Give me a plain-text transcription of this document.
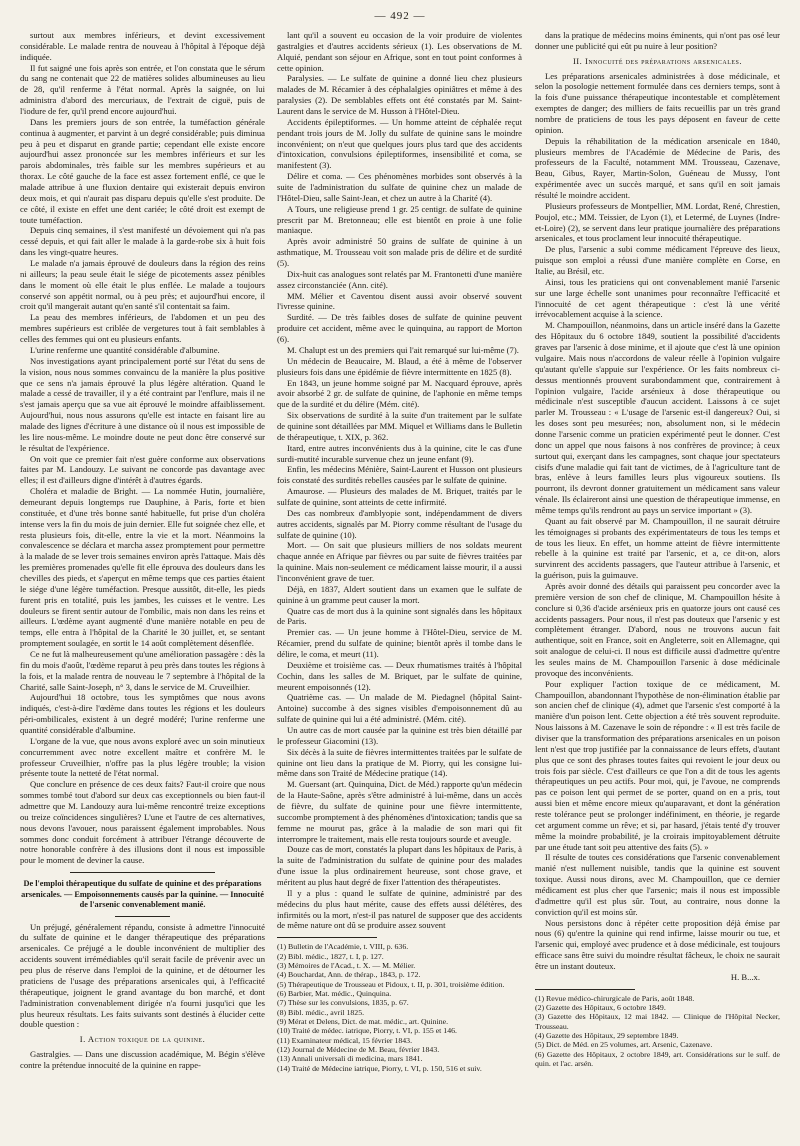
— 492 —

surtout aux membres inférieurs, et devint excessivement considérable. Le malade rentra de nouveau à l'hôpital à l'époque déjà indiquée.

Il fut saigné une fois après son entrée, et l'on constata que le sérum du sang ne contenait que 22 de matières solides albumineuses au lieu de 28, qu'il renferme à l'état normal. Après la saignée, on lui administra d'abord des mercuriaux, de l'extrait de ciguë, puis de l'iodure de fer, qu'il prend encore aujourd'hui.

Dans les premiers jours de son entrée, la tuméfaction générale continua à augmenter, et parvint à un degré considérable; puis diminua peu à peu et disparut en grande partie; cependant elle existe encore aujourd'hui assez prononcée sur les membres inférieurs et sur les parois abdominales, très faible sur les membres supérieurs et au thorax. Le côté gauche de la face est assez fortement enflé, ce que le malade attribue à une fluxion dentaire qui existerait depuis environ deux mois, et qui n'aurait pas disparu depuis qu'elle s'est produite. De ce côté, il existe en effet une dent cariée; le côté droit est exempt de toute tuméfaction.

Depuis cinq semaines, il s'est manifesté un dévoiement qui n'a pas cessé depuis, et qui fait aller le malade à la garde-robe six à huit fois dans les vingt-quatre heures.

Le malade n'a jamais éprouvé de douleurs dans la région des reins ni ailleurs; la peau seule était le siége de picotements assez pénibles dans le moment où elle était le plus enflée. Le malade a toujours conservé son appétit normal, ou à peu près; et aujourd'hui encore, il croit qu'il mangerait autant qu'en santé s'il contentait sa faim.

La peau des membres inférieurs, de l'abdomen et un peu des membres supérieurs est criblée de vergetures tout à fait semblables à celles des femmes qui ont eu plusieurs enfants.

L'urine renferme une quantité considérable d'albumine.

Nos investigations ayant principalement porté sur l'état du sens de la vision, nous nous sommes convaincu de la manière la plus positive que ce sens n'a jamais éprouvé la plus légère altération. Quand le malade a cessé de travailler, il y a été contraint par l'enflure, mais il ne s'est jamais aperçu que sa vue ait éprouvé le moindre affaiblissement. Aujourd'hui, nous nous assurons qu'elle est intacte en faisant lire au malade des lignes d'écriture à une distance où il nous est impossible de les lire nous-même. Le moindre doute ne peut donc être conservé sur le résultat de l'expérience.

On voit que ce premier fait n'est guère conforme aux observations faites par M. Landouzy. Le suivant ne concorde pas davantage avec elles; il est d'ailleurs digne d'intérêt à d'autres égards.

Choléra et maladie de Bright. — La nommée Hutin, journalière, demeurant depuis longtemps rue Dauphine, à Paris, forte et bien constituée, et d'une très bonne santé habituelle, fut prise d'un choléra intense vers la fin du mois de juin dernier. Elle fut soignée chez elle, et resta plusieurs fois, dit-elle, entre la vie et la mort. Néanmoins la convalescence se déclara et marcha assez promptement pour permettre à la malade de se lever trois semaines environ après l'attaque. Mais dès les premières promenades qu'elle fit elle éprouva des douleurs dans les chevilles des pieds, et s'aperçut en même temps que ces parties étaient le siége d'une légère tuméfaction. Presque aussitôt, dit-elle, les pieds furent pris en totalité, puis les jambes, les cuisses et le ventre. Les douleurs se firent sentir autour de l'ombilic, mais non dans les reins et ailleurs. L'œdème ayant augmenté d'une manière notable en peu de temps, elle entra à l'hôpital de la Charité le 30 juillet, et, se sentant promptement soulagée, en sortit le 14 août complètement désenflée.

Ce ne fut là malheureusement qu'une amélioration passagère : dès la fin du mois d'août, l'œdème reparut à peu près dans toutes les régions à la fois, et la malade rentra de nouveau le 7 septembre à l'hôpital de la Charité, salle Saint-Joseph, n° 3, dans le service de M. Cruveilhier.

Aujourd'hui 18 octobre, tous les symptômes que nous avons indiqués, c'est-à-dire l'œdème dans toutes les régions et les douleurs péri-ombilicales, existent à un degré modéré; l'urine renferme une quantité considérable d'albumine.

L'organe de la vue, que nous avons exploré avec un soin minutieux concurremment avec notre excellent maître et confrère M. le professeur Cruveilhier, n'offre pas la plus légère trouble; la vision présente toute la netteté de l'état normal.

Que conclure en présence de ces deux faits? Faut-il croire que nous sommes tombé tout d'abord sur deux cas exceptionnels ou bien faut-il admettre que M. Landouzy aura lui-même rencontré treize exceptions ou treize coïncidences singulières? L'une et l'autre de ces alternatives, nous devons l'avouer, nous paraissent également improbables. Nous sommes donc conduit forcément à attribuer l'étrange découverte de notre honorable confrère à des illusions dont il nous est impossible pour le moment de deviner la cause.

De l'emploi thérapeutique du sulfate de quinine et des préparations arsenicales. — Empoisonnements causés par la quinine. — Innocuité de l'arsenic convenablement manié.

Un préjugé, généralement répandu, consiste à admettre l'innocuité du sulfate de quinine et le danger thérapeutique des préparations arsenicales. Ce préjugé a le double inconvénient de multiplier des accidents souvent irrémédiables qu'il serait facile de prévenir avec un peu plus de réserve dans l'emploi de la quinine, et de détourner les praticiens de l'usage des préparations arsenicales qui, à l'efficacité thérapeutique, joignent le grand avantage du bon marché, et dont l'administration convenablement dirigée n'a fourni jusqu'ici que les plus heureux résultats. Les faits suivants sont destinés à élucider cette double question :

I. Action toxique de la quinine.

Gastralgies. — Dans une discussion académique, M. Bégin s'élève contre la prétendue innocuité de la quinine en rappe-

lant qu'il a souvent eu occasion de la voir produire de violentes gastralgies et d'autres accidents sérieux (1). Les observations de M. Alquié, pendant son séjour en Afrique, sont en tout point conformes à cette opinion.

Paralysies. — Le sulfate de quinine a donné lieu chez plusieurs malades de M. Récamier à des céphalalgies opiniâtres et même à des paralysies (2). De semblables effets ont été constatés par M. Saint-Laurent dans le service de M. Husson à l'Hôtel-Dieu.

Accidents épileptiformes. — Un homme atteint de céphalée reçut pendant trois jours de M. Jolly du sulfate de quinine sans le moindre inconvénient; on n'eut que quelques jours plus tard que des accidents d'intoxication, convulsions épileptiformes, insensibilité et coma, se manifestent (3).

Délire et coma. — Ces phénomènes morbides sont observés à la suite de l'administration du sulfate de quinine chez un malade de l'Hôtel-Dieu, salle Saint-Jean, et chez un autre à la Charité (4).

A Tours, une religieuse prend 1 gr. 25 centigr. de sulfate de quinine prescrit par M. Bretonneau; elle est bientôt en proie à une folie maniaque.

Après avoir administré 50 grains de sulfate de quinine à un asthmatique, M. Trousseau voit son malade pris de délire et de surdité (5).

Dix-huit cas analogues sont relatés par M. Frantonetti d'une manière assez circonstanciée (Ann. cité).

MM. Mélier et Caventou disent aussi avoir observé souvent l'ivresse quinine.

Surdité. — De très faibles doses de sulfate de quinine peuvent produire cet accident, même avec le quinquina, au rapport de Morton (6).

M. Chalupt est un des premiers qui l'ait remarqué sur lui-même (7).

Un médecin de Beaucaire, M. Blaud, a été à même de l'observer plusieurs fois dans une épidémie de fièvre intermittente en 1825 (8).

En 1843, un jeune homme soigné par M. Nacquard éprouve, après avoir absorbé 2 gr. de sulfate de quinine, de l'aphonie en même temps que de la surdité et du délire (Mém. cité).

Six observations de surdité à la suite d'un traitement par le sulfate de quinine sont détaillées par MM. Miquel et Williams dans le Bulletin de thérapeutique, t. XIX, p. 362.

Itard, entre autres inconvénients dus à la quinine, cite le cas d'une surdi-mutité incurable survenue chez un jeune enfant (9).

Enfin, les médecins Ménière, Saint-Laurent et Husson ont plusieurs fois constaté des surdités rebelles causées par le sulfate de quinine.

Amaurose. — Plusieurs des malades de M. Briquet, traités par le sulfate de quinine, sont atteints de cette infirmité.

Des cas nombreux d'amblyopie sont, indépendamment de divers autres accidents, signalés par M. Piorry comme résultant de l'usage du sulfate de quinine (10).

Mort. — On sait que plusieurs milliers de nos soldats meurent chaque année en Afrique par fièvres ou par suite de fièvres traitées par la quinine. Mais non-seulement ce médicament laisse mourir, il a aussi l'inconvénient grave de tuer.

Déjà, en 1837, Aldert soutient dans un examen que le sulfate de quinine à un gramme peut causer la mort.

Quatre cas de mort dus à la quinine sont signalés dans les hôpitaux de Paris.

Premier cas. — Un jeune homme à l'Hôtel-Dieu, service de M. Récamier, prend du sulfate de quinine; bientôt après il tombe dans le délire, le coma, et meurt (11).

Deuxième et troisième cas. — Deux rhumatismes traités à l'hôpital Cochin, dans les salles de M. Briquet, par le sulfate de quinine, meurent empoisonnés (12).

Quatrième cas. — Un malade de M. Piedagnel (hôpital Saint-Antoine) succombe à des signes visibles d'empoisonnement dû au sulfate de quinine qui lui a été administré. (Mém. cité).

Un autre cas de mort causée par la quinine est très bien détaillé par le professeur Giacomini (13).

Six décès à la suite de fièvres intermittentes traitées par le sulfate de quinine ont lieu dans la pratique de M. Piorry, qui les consigne lui-même dans son Traité de Médecine pratique (14).

M. Guersant (art. Quinquina, Dict. de Méd.) rapporte qu'un médecin de la Haute-Saône, après s'être administré à lui-même, dans un accès de fièvre, du sulfate de quinine pour une fièvre intermittente, succombe promptement à des phénomènes d'intoxication; tandis que sa femme ne mourut pas, grâce à la maladie de son mari qui fit interrompre le traitement, mais elle resta toujours sourde et aveugle.

Douze cas de mort, constatés la plupart dans les hôpitaux de Paris, à la suite de l'administration du sulfate de quinine pour des malades d'une issue la plus ordinairement heureuse, sont chose grave, et méritent au plus haut degré de fixer l'attention des thérapeutistes.

Il y a plus : quand le sulfate de quinine, administré par des médecins du plus haut mérite, cause des effets aussi délétères, des infirmités ou la mort, n'est-il pas naturel de supposer que des accidents de même nature ont dû se produire assez souvent

(1) Bulletin de l'Académie, t. VIII, p. 636.

(2) Bibl. médic., 1827, t. I, p. 127.

(3) Mémoires de l'Acad., t. X. — M. Mélier.

(4) Bouchardat, Ann. de thérap., 1843, p. 172.

(5) Thérapeutique de Trousseau et Pidoux, t. II, p. 301, troisième édition.

(6) Barbier, Mat. médic., Quinquina.

(7) Thèse sur les convulsions, 1835, p. 67.

(8) Bibl. médic., avril 1825.

(9) Mérat et Delens, Dict. de mat. médic., art. Quinine.

(10) Traité de médec. iatrique, Piorry, t. VI, p. 155 et 146.

(11) Examinateur médical, 15 février 1843.

(12) Journal de Médecine de M. Beau, février 1843.

(13) Annali universali di medicina, mars 1841.

(14) Traité de Médecine iatrique, Piorry, t. VI, p. 150, 516 et suiv.

dans la pratique de médecins moins éminents, qui n'ont pas osé leur donner une publicité qui eût pu nuire à leur position?

II. Innocuité des préparations arsenicales.

Les préparations arsenicales administrées à dose médicinale, et selon la posologie nettement formulée dans ces derniers temps, sont à la fois d'une puissance thérapeutique incontestable et complètement exemptes de danger; des milliers de faits recueillis par un très grand nombre de praticiens de tous les pays déposent en faveur de cette opinion.

Depuis la réhabilitation de la médication arsenicale en 1840, plusieurs membres de l'Académie de Médecine de Paris, des professeurs de la Faculté, notamment MM. Trousseau, Cazenave, Beau, Gibus, Rayer, Martin-Solon, Guéneau de Mussy, l'ont expérimentée avec un succès marqué, et sans qu'il en soit jamais résulté le moindre accident.

Plusieurs professeurs de Montpellier, MM. Lordat, René, Chrestien, Poujol, etc.; MM. Teissier, de Lyon (1), et Letermé, de Luynes (Indre-et-Loire) (2), se servent dans leur pratique journalière des préparations arsenicales, et tous proclament leur innocuité thérapeutique.

De plus, l'arsenic a subi comme médicament l'épreuve des lieux, puisque son emploi a réussi d'une manière complète en Corse, en Italie, au Brésil, etc.

Ainsi, tous les praticiens qui ont convenablement manié l'arsenic sur une large échelle sont unanimes pour reconnaître l'efficacité et l'innocuité de cet agent thérapeutique : c'est là une vérité irrévocablement acquise à la science.

M. Champouillon, néanmoins, dans un article inséré dans la Gazette des Hôpitaux du 6 octobre 1849, soutient la possibilité d'accidents graves par l'arsenic à dose minime, et il ajoute que c'est là une opinion vulgaire. Mais nous n'accordons de valeur réelle à l'opinion vulgaire qu'autant qu'elle s'appuie sur l'expérience. Or les faits nombreux ci-dessus mentionnés prouvent surabondamment que, contrairement à l'opinion vulgaire, l'acide arsénieux à dose thérapeutique ou médicinale n'est susceptible d'aucun accident. Laissons à ce sujet parler M. Trousseau : « L'usage de l'arsenic est-il dangereux? Oui, si les doses sont peu mesurées; non, absolument non, si le médecin donne l'arsenic comme un praticien expérimenté peut le donner. C'est donc un appel que nous faisons à nos confrères de province; à ceux surtout qui, exerçant dans les campagnes, sont chaque jour spectateurs cisifs d'une maladie qui fait tant de victimes, de à l'agriculture tant de bras, enlève à leurs familles leurs plus vigoureux soutiens. Ils pourront, ils devront donner gratuitement un médicament sans valeur vénale. Ils éclaireront ainsi une question de thérapeutique immense, en même temps qu'ils rendront au pays un service important » (3).

Quant au fait observé par M. Champouillon, il ne saurait détruire les témoignages si probants des expérimentateurs de tous les temps et de tous les lieux. En effet, un homme atteint de fièvre intermittente rebelle à la quinine est traité par l'arsenic, et a, ce dit-on, alors survinrent des accidents passagers, que l'auteur attribue à l'arsenic, et la guérison, puis la guimauve.

Après avoir donné des détails qui paraissent peu concorder avec la première version de son chef de clinique, M. Champouillon hésite à conclure si 0,36 d'acide arsénieux pris en quatorze jours ont causé ces accidents passagers. Pour nous, il n'est pas douteux que l'arsenic y est complètement étranger. D'abord, nous ne trouvons aucun fait authentique, soit en France, soit en Angleterre, soit en Allemagne, qui soit analogue de celui-ci. Il nous est difficile aussi d'admettre qu'entre les seules mains de M. Champouillon l'arsenic à dose médicinale provoque des inconvénients.

Pour expliquer l'action toxique de ce médicament, M. Champouillon, abandonnant l'hypothèse de non-élimination établie par son ancien chef de clinique (4), admet que l'arsenic s'est comporté à la manière d'un poison lent. Cette objection a été très souvent reproduite. Nous laissons à M. Cazenave le soin de répondre : « Il est très facile de diviser que la transformation des préparations arsenicales en un poison lent n'est que trop justifiée par la connaissance de leurs effets, d'autant plus que ce sont des phrases toutes faites qui revoient le jour deux ou trois fois par siècle. C'est d'ailleurs ce que l'on a dit de tous les agents thérapeutiques un peu actifs. Pour moi, qui, je l'avoue, ne comprends pas ce poison lent qui permet de se porter, quand on en a pris, tout aussi bien et même encore mieux qu'auparavant, et dont la génération reste tolérance peut se prolonger indéfiniment, en théorie, je regarde cet argument comme un rêve; et si, par hasard, j'étais tenté d'y trouver même la moindre probabilité, je la croirais impitoyablement détruite par une étude tant soit peu attentive des faits (5). »

Il résulte de toutes ces considérations que l'arsenic convenablement manié n'est nullement nuisible, tandis que la quinine est souvent toxique. Aussi nous dirons, avec M. Champouillon, que ce dernier médicament est plus cher que l'arsenic; mais il nous est impossible d'admettre qu'il est plus sûr. Tout, au contraire, nous donne la conviction qu'il est moins sûr.

Nous persistons donc à répéter cette proposition déjà émise par nous (6) qu'entre la quinine qui rend infirme, laisse mourir ou tue, et l'arsenic qui, employé avec prudence et à dose médicinale, est toujours efficace sans être suivi du moindre résultat fâcheux, le choix ne saurait être un instant douteux.

H. B...x.

(1) Revue médico-chirurgicale de Paris, août 1848.

(2) Gazette des Hôpitaux, 6 octobre 1849.

(3) Gazette des Hôpitaux, 12 mai 1842. — Clinique de l'Hôpital Necker, Trousseau.

(4) Gazette des Hôpitaux, 29 septembre 1849.

(5) Dict. de Méd. en 25 volumes, art. Arsenic, Cazenave.

(6) Gazette des Hôpitaux, 2 octobre 1849, art. Considérations sur le sulf. de quin. et l'ac. arsén.
